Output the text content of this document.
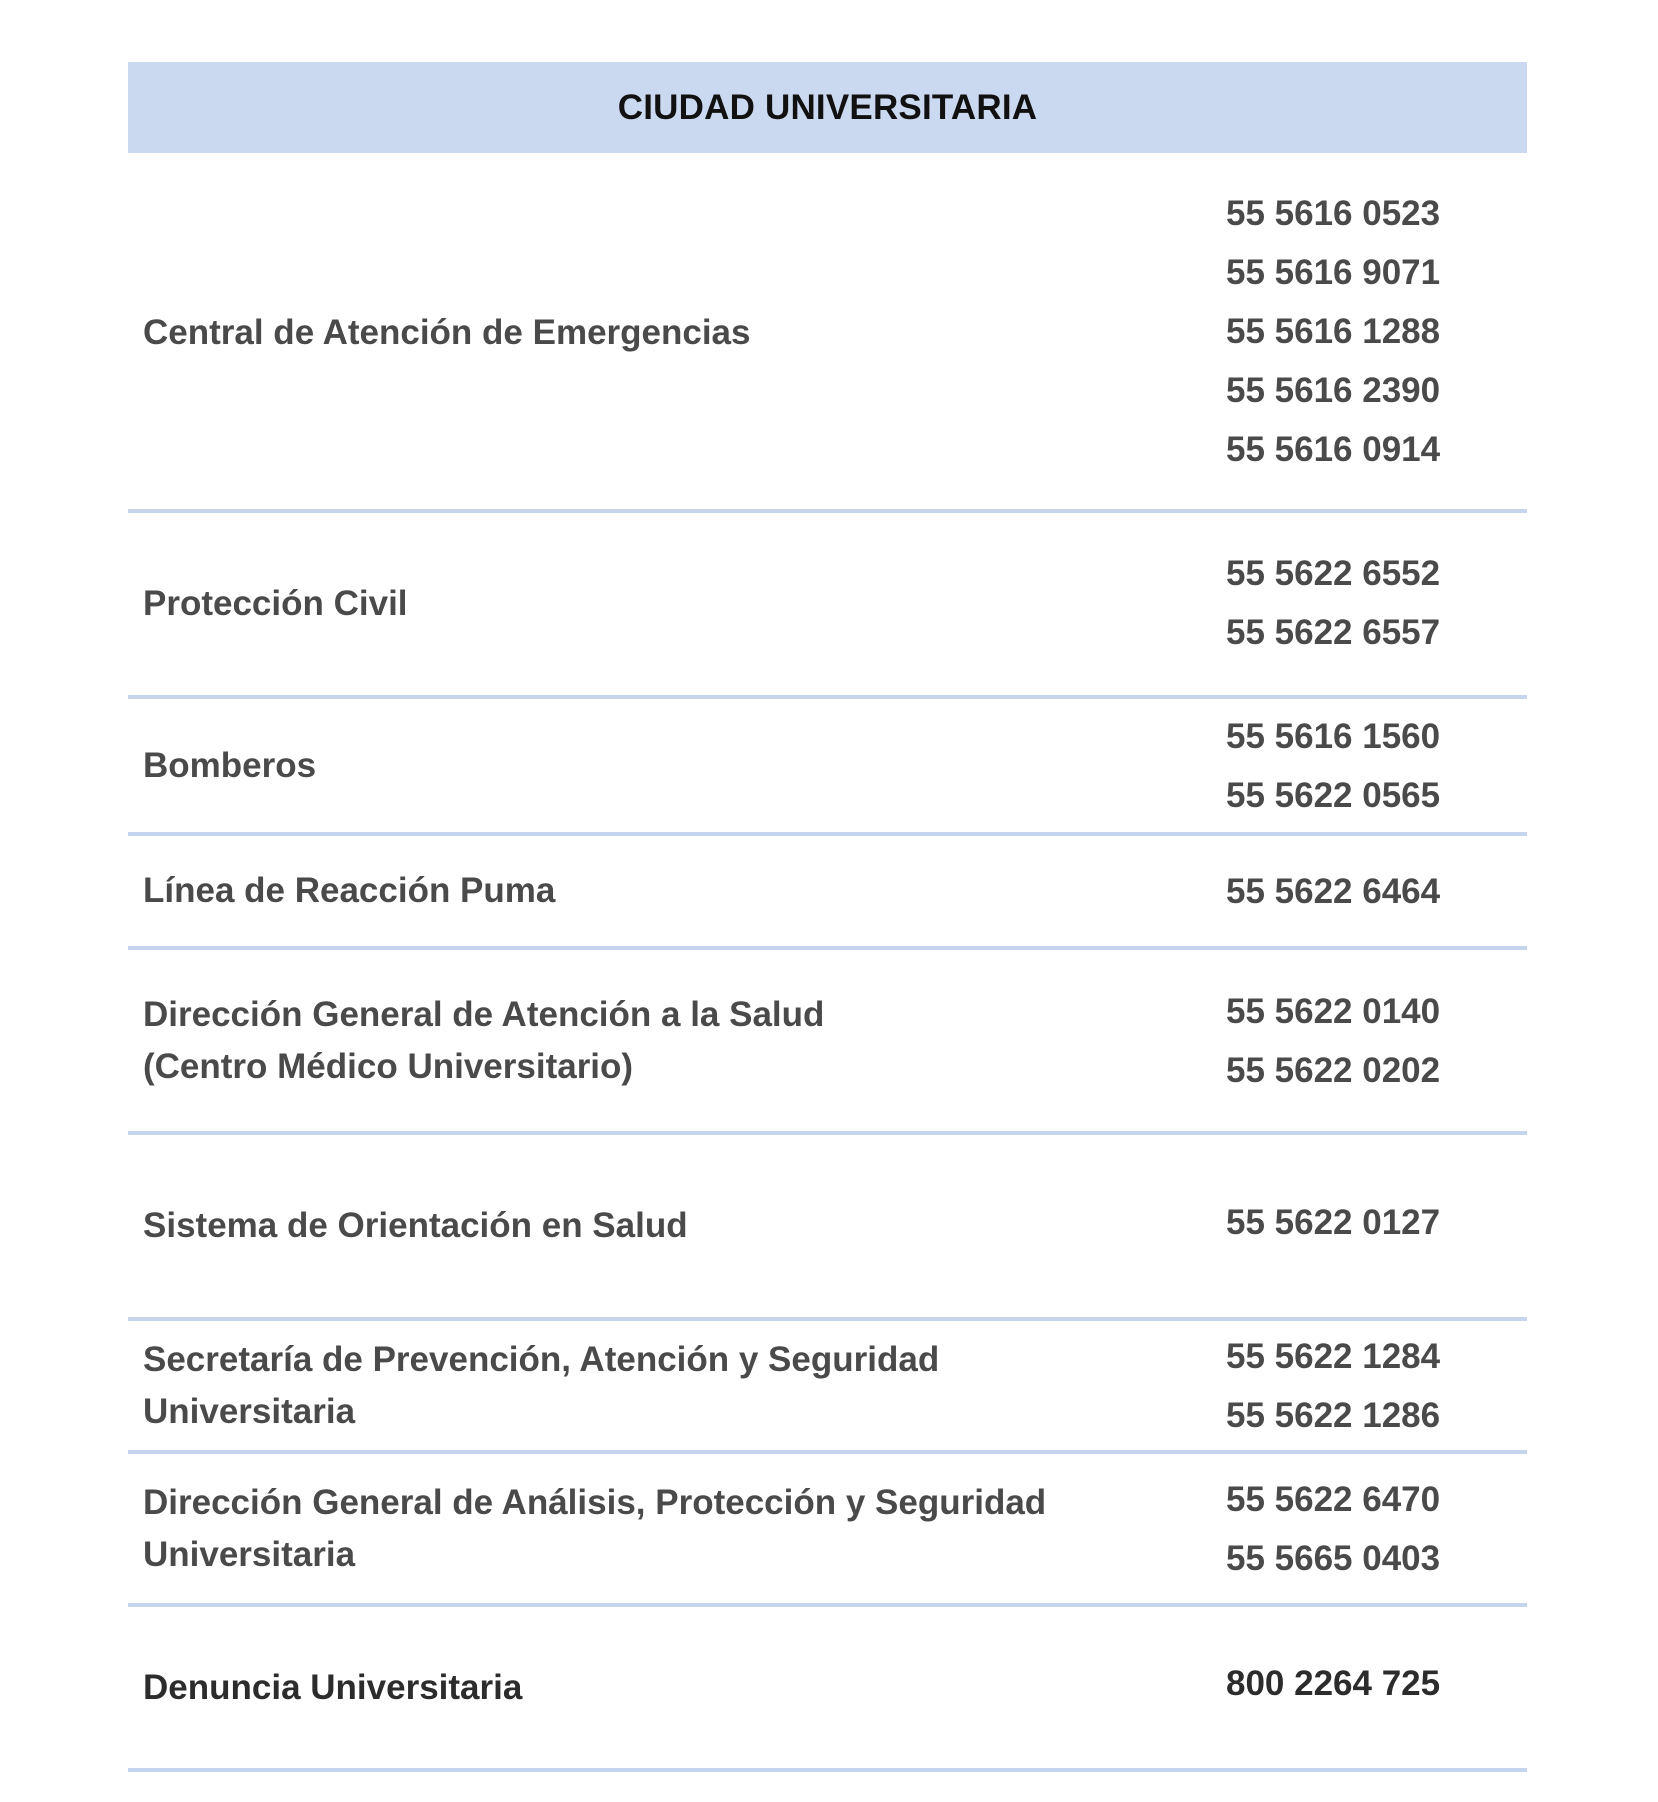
CIUDAD UNIVERSITARIA
Central de Atención de Emergencias
55 5616 0523
55 5616 9071
55 5616 1288
55 5616 2390
55 5616 0914
Protección Civil
55 5622 6552
55 5622 6557
Bomberos
55 5616 1560
55 5622 0565
Línea de Reacción Puma	55 5622 6464
Dirección General de Atención a la Salud
(Centro Médico Universitario)
55 5622 0140
55 5622 0202
Sistema de Orientación en Salud	55 5622 0127
Secretaría de Prevención, Atención y Seguridad
Universitaria
55 5622 1284
55 5622 1286
Dirección General de Análisis, Protección y Seguridad
Universitaria
55 5622 6470
55 5665 0403
Denuncia Universitaria	800 2264 725
